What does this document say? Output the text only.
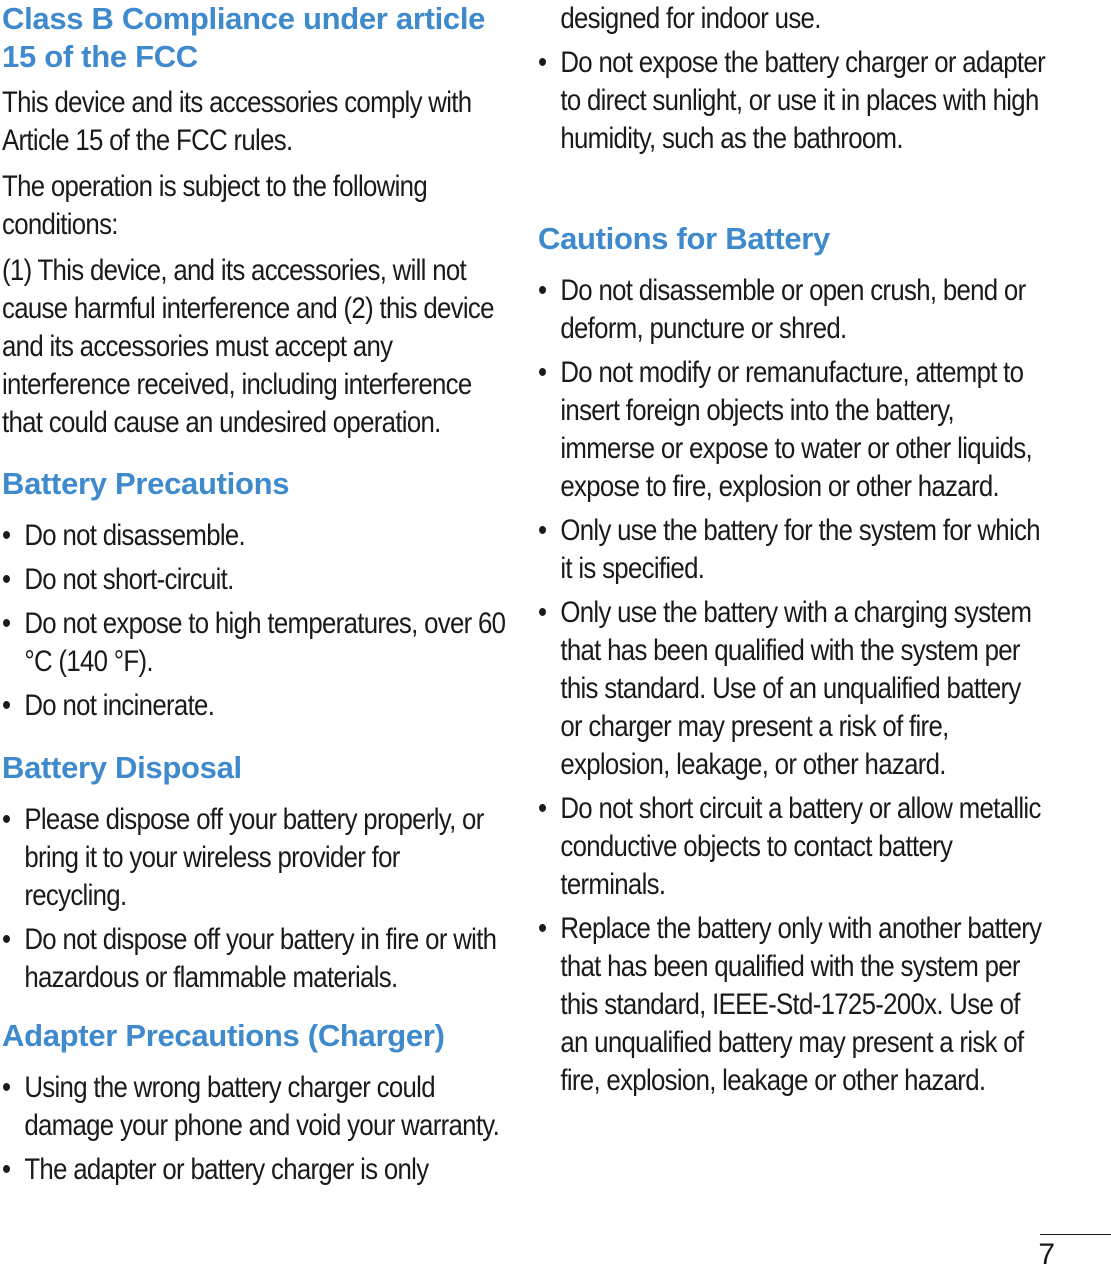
Class B Compliance under article 15 of the FCC

This device and its accessories comply with Article 15 of the FCC rules.

The operation is subject to the following conditions:

(1) This device, and its accessories, will not cause harmful interference and (2) this device and its accessories must accept any interference received, including interference that could cause an undesired operation.

Battery Precautions
• Do not disassemble.
• Do not short-circuit.
• Do not expose to high temperatures, over 60 °C (140 °F).
• Do not incinerate.
Battery Disposal
• Please dispose off your battery properly, or bring it to your wireless provider for recycling.
• Do not dispose off your battery in fire or with hazardous or flammable materials.
Adapter Precautions (Charger)
• Using the wrong battery charger could damage your phone and void your warranty.
• The adapter or battery charger is only
designed for indoor use.
• Do not expose the battery charger or adapter to direct sunlight, or use it in places with high humidity, such as the bathroom.
Cautions for Battery
• Do not disassemble or open crush, bend or deform, puncture or shred.
• Do not modify or remanufacture, attempt to insert foreign objects into the battery, immerse or expose to water or other liquids, expose to fire, explosion or other hazard.
• Only use the battery for the system for which it is specified.
• Only use the battery with a charging system that has been qualified with the system per this standard. Use of an unqualified battery or charger may present a risk of fire, explosion, leakage, or other hazard.
• Do not short circuit a battery or allow metallic conductive objects to contact battery terminals.
• Replace the battery only with another battery that has been qualified with the system per this standard, IEEE-Std-1725-200x. Use of an unqualified battery may present a risk of fire, explosion, leakage or other hazard.
7
